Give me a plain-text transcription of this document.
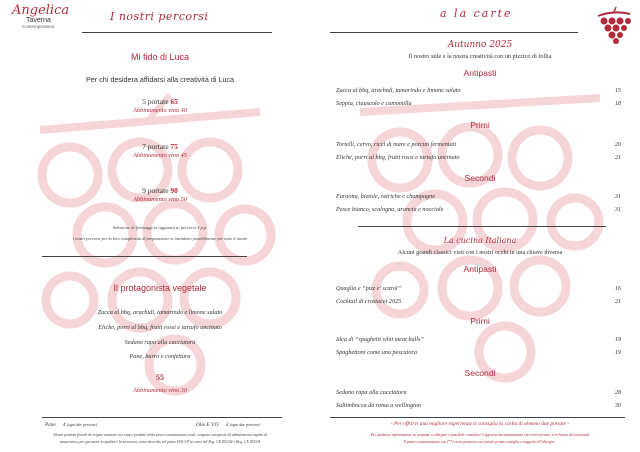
Angelica
Taverna
Contemporanea
I nostri percorsi
Mi fido di Luca
Per chi desidera affidarsi alla creatività di Luca
5 portate 65
Abbinamento vino 40
7 portate 75
Abbinamento vino 45
9 portate 90
Abbinamento vino 50
Selezione di formaggi in aggiunta ai percorsi 5 p.p.
I nostri percorsi per la loro complessità di preparazione si intendono possibilmente per tutto il tavolo
Il protagonista vegetale
Zucca al bbq, arachidi, tamarindo e limone salato
Eliche, porri al bbq, frutti rossi e tartufo uncinato
Sedano rapa alla cacciatora
Pane, burro e confettura
55
Abbinamento vino 30
Pane 4 (ogni due persone)	Olio E.V.O 3 (ogni due persone)
Alcuni prodotti freschi di origine animale, noi vano i prodotti della pesca consumazioni crudi, vengono sottoposti all abbattimento rapido di
temperatura per garantire la qualità e la sicurezza, come descritto nel piano HACCP ai sensi del Reg. CE 852/04 e Reg. CE 853/04
a la carte
Autunno 2025
Il nostro stile e la nostra creatività con un pizzico di follia
Antipasti
Zucca al bbq, arachidi, tamarindo e limone salato	15
Seppia, ciauscolo e camomilla	18
Primi
Tortelli, cervo, ricci di mare e porcini fermentati	20
Eliche, porri al bbq, frutti rossi e tartufo uncinato	21
Secondi
Faraona, bietole, ostriche e champagne	31
Pesce bianco, scalogno, arancia e nocciole	31
La cucina Italiana
Alcuni grandi classici visti con i nostri occhi in una chiave diversa
Antipasti
Quaglia e “pizz e’ scarol”	16
Cocktail di crostacei 2025	21
Primi
Idea di “spaghetti whit meat balls”	19
Spaghettoni come una pescatora	19
Secondi
Sedano rapa alla cacciatora	28
Saltimbocca da roma a wellington	30
- Per offrirvi una migliore esperienza si consiglia la scelta di almeno due portate -
Per qualsiasi informazione su sostanze o allergeni è possibile consultare l’apposita documentazione che verrà fornita, a richiesta del personale
Il piatto contrassegnato con (**) viene proposto con tartufo prima consiglia e soggetto all’allergia...
